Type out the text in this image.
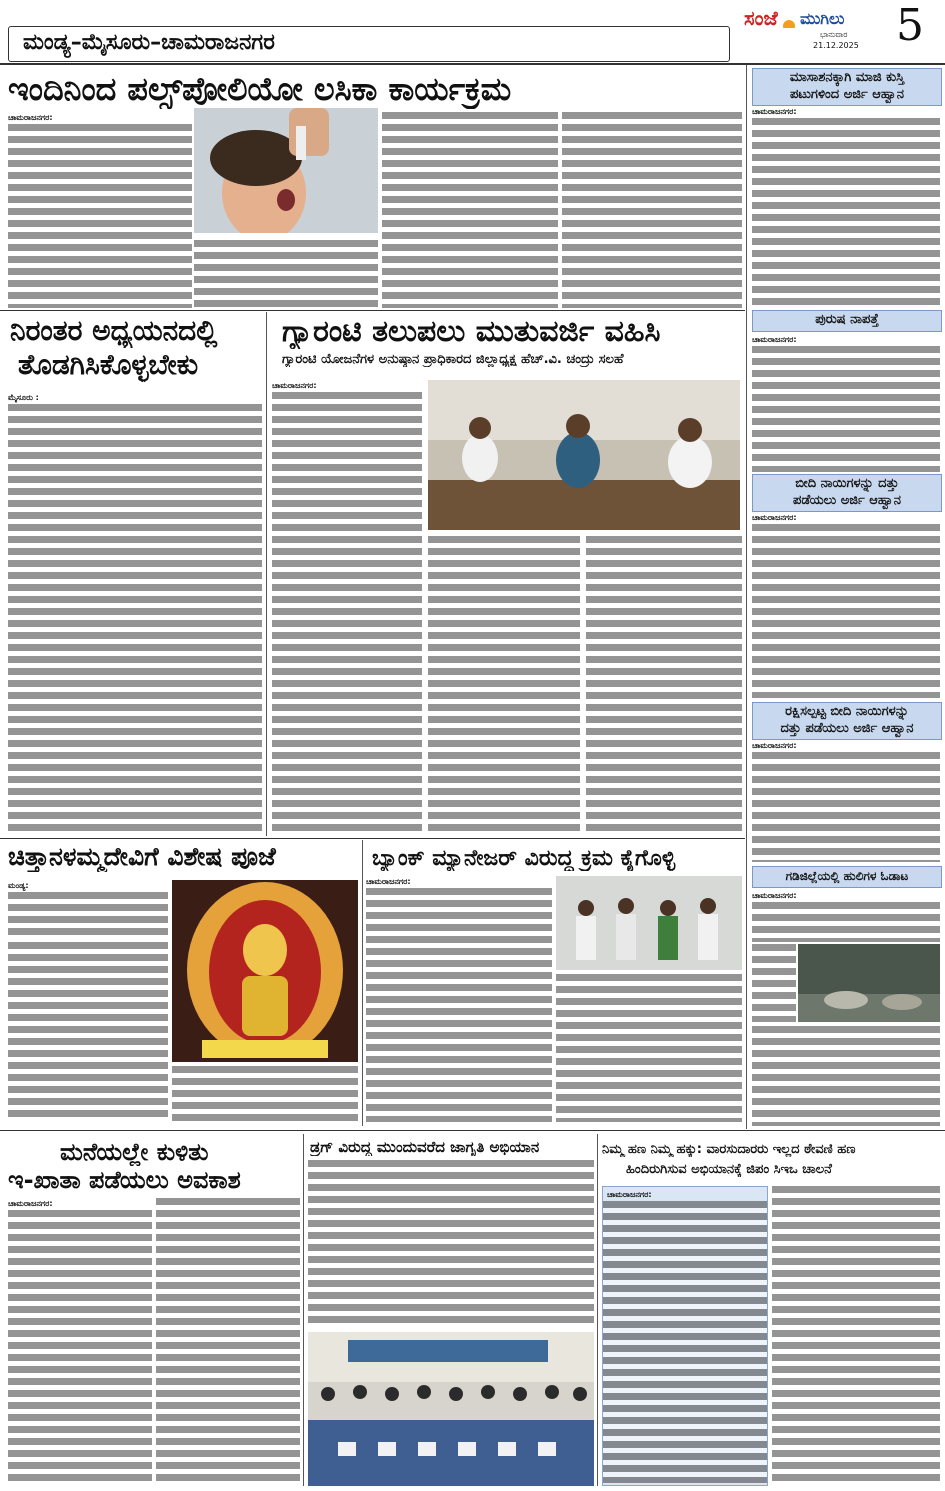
ಮಂಡ್ಯ–ಮೈಸೂರು–ಚಾಮರಾಜನಗರ
ಸಂಜೆ ಮುಗಿಲು
ಭಾನುವಾರ
21.12.2025 5
ಇಂದಿನಿಂದ ಪಲ್ಸ್‌ಪೋಲಿಯೋ ಲಸಿಕಾ ಕಾರ್ಯಕ್ರಮ
ಚಾಮರಾಜನಗರ:
ನಿರಂತರ ಅಧ್ಯಯನದಲ್ಲಿ
ತೊಡಗಿಸಿಕೊಳ್ಳಬೇಕು
ಮೈಸೂರು :
ಗ್ಯಾರಂಟಿ ತಲುಪಲು ಮುತುವರ್ಜಿ ವಹಿಸಿ
ಗ್ಯಾರಂಟಿ ಯೋಜನೆಗಳ ಅನುಷ್ಠಾನ ಪ್ರಾಧಿಕಾರದ ಜಿಲ್ಲಾಧ್ಯಕ್ಷ ಹೆಚ್.ವಿ. ಚಂದ್ರು ಸಲಹೆ
ಚಾಮರಾಜನಗರ:
ಚಿತ್ತಾನಳಮ್ಮದೇವಿಗೆ ವಿಶೇಷ ಪೂಜೆ
ಮಂಡ್ಯ:
ಬ್ಯಾಂಕ್ ಮ್ಯಾನೇಜರ್ ವಿರುದ್ಧ ಕ್ರಮ ಕೈಗೊಳ್ಳಿ
ಚಾಮರಾಜನಗರ:
ಮಾಸಾಶನಕ್ಕಾಗಿ ಮಾಜಿ ಕುಸ್ತಿ
ಪಟುಗಳಿಂದ ಅರ್ಜಿ ಆಹ್ವಾನ
ಚಾಮರಾಜನಗರ:
ಪುರುಷ ನಾಪತ್ತೆ
ಚಾಮರಾಜನಗರ:
ಬೀದಿ ನಾಯಿಗಳನ್ನು ದತ್ತು
ಪಡೆಯಲು ಅರ್ಜಿ ಆಹ್ವಾನ
ಚಾಮರಾಜನಗರ:
ರಕ್ಷಿಸಲ್ಪಟ್ಟ ಬೀದಿ ನಾಯಿಗಳನ್ನು
ದತ್ತು ಪಡೆಯಲು ಅರ್ಜಿ ಆಹ್ವಾನ
ಚಾಮರಾಜನಗರ:
ಗಡಿಜಿಲ್ಲೆಯಲ್ಲಿ ಹುಲಿಗಳ ಓಡಾಟ
ಚಾಮರಾಜನಗರ:
ಮನೆಯಲ್ಲೇ ಕುಳಿತು
ಇ-ಖಾತಾ ಪಡೆಯಲು ಅವಕಾಶ
ಚಾಮರಾಜನಗರ:
ಡ್ರಗ್ ವಿರುದ್ಧ ಮುಂದುವರೆದ ಜಾಗೃತಿ ಅಭಿಯಾನ	ನಿಮ್ಮ ಹಣ ನಿಮ್ಮ ಹಕ್ಕು: ವಾರಸುದಾರರು ಇಲ್ಲದ ಠೇವಣಿ ಹಣ
ಹಿಂದಿರುಗಿಸುವ ಅಭಿಯಾನಕ್ಕೆ ಜಿಪಂ ಸಿಇಒ ಚಾಲನೆ
ಚಾಮರಾಜನಗರ:
